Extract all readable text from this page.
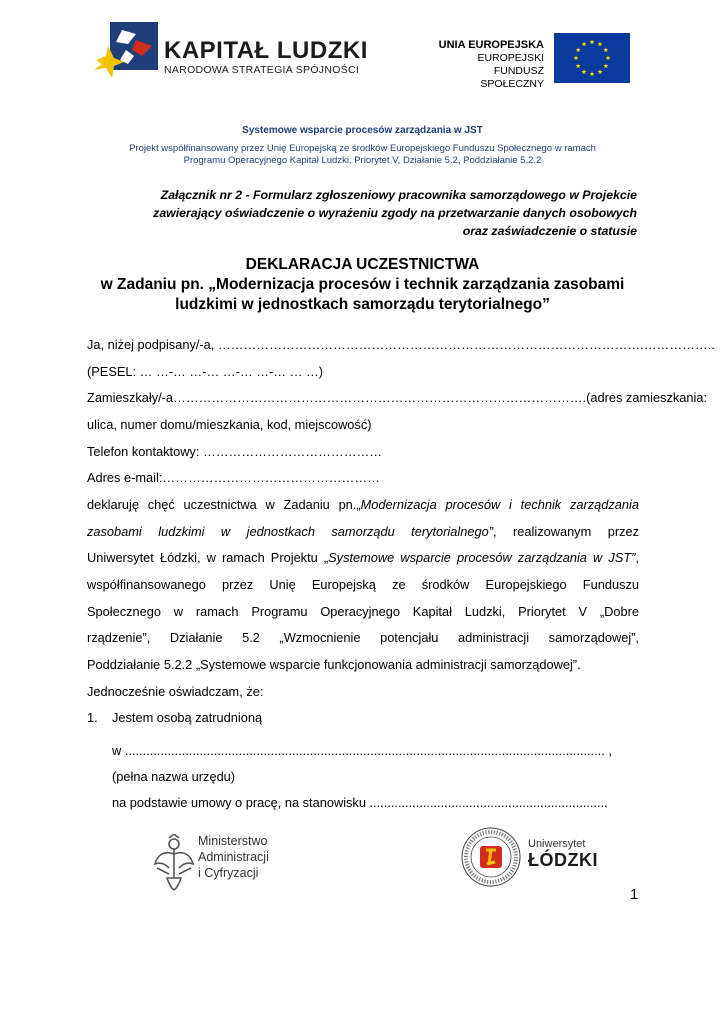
KAPITAŁ LUDZKI
NARODOWA STRATEGIA SPÓJNOŚCI
UNIA EUROPEJSKA
EUROPEJSKI
FUNDUSZ SPOŁECZNY
Systemowe wsparcie procesów zarządzania w JST
Projekt współfinansowany przez Unię Europejską ze środków Europejskiego Funduszu Społecznego w ramach
Programu Operacyjnego Kapitał Ludzki, Priorytet V, Działanie 5.2, Poddziałanie 5.2.2
Załącznik nr 2 - Formularz zgłoszeniowy pracownika samorządowego w Projekcie
zawierający oświadczenie o wyrażeniu zgody na przetwarzanie danych osobowych
oraz zaświadczenie o statusie
DEKLARACJA UCZESTNICTWA
w Zadaniu pn. „Modernizacja procesów i technik zarządzania zasobami
ludzkimi w jednostkach samorządu terytorialnego”
Ja, niżej podpisany/-a, ……………………………………………………………………………………….……………..
(PESEL: … …-… …-… …-… …-… … …)
Zamieszkały/-a…………………………………………………………………………………….(adres zamieszkania:
ulica, numer domu/mieszkania, kod, miejscowość)
Telefon kontaktowy: ……………………………………
Adres e-mail:……………………………………………
deklaruję chęć uczestnictwa w Zadaniu pn.„Modernizacja procesów i technik zarządzania
zasobami ludzkimi w jednostkach samorządu terytorialnego”, realizowanym przez
Uniwersytet Łódzki, w ramach Projektu „Systemowe wsparcie procesów zarządzania w JST”,
współfinansowanego przez Unię Europejską ze środków Europejskiego Funduszu
Społecznego w ramach Programu Operacyjnego Kapitał Ludzki, Priorytet V „Dobre
rządzenie”, Działanie 5.2 „Wzmocnienie potencjału administracji samorządowej”,
Poddziałanie 5.2.2 „Systemowe wsparcie funkcjonowania administracji samorządowej”.
Jednocześnie oświadczam, że:
1. Jestem osobą zatrudnioną
w ....................................................................................................................................... ,
(pełna nazwa urzędu)
na podstawie umowy o pracę, na stanowisku ...................................................................
Ministerstwo
Administracji
i Cyfryzacji
Uniwersytet
ŁÓDZKI
1
